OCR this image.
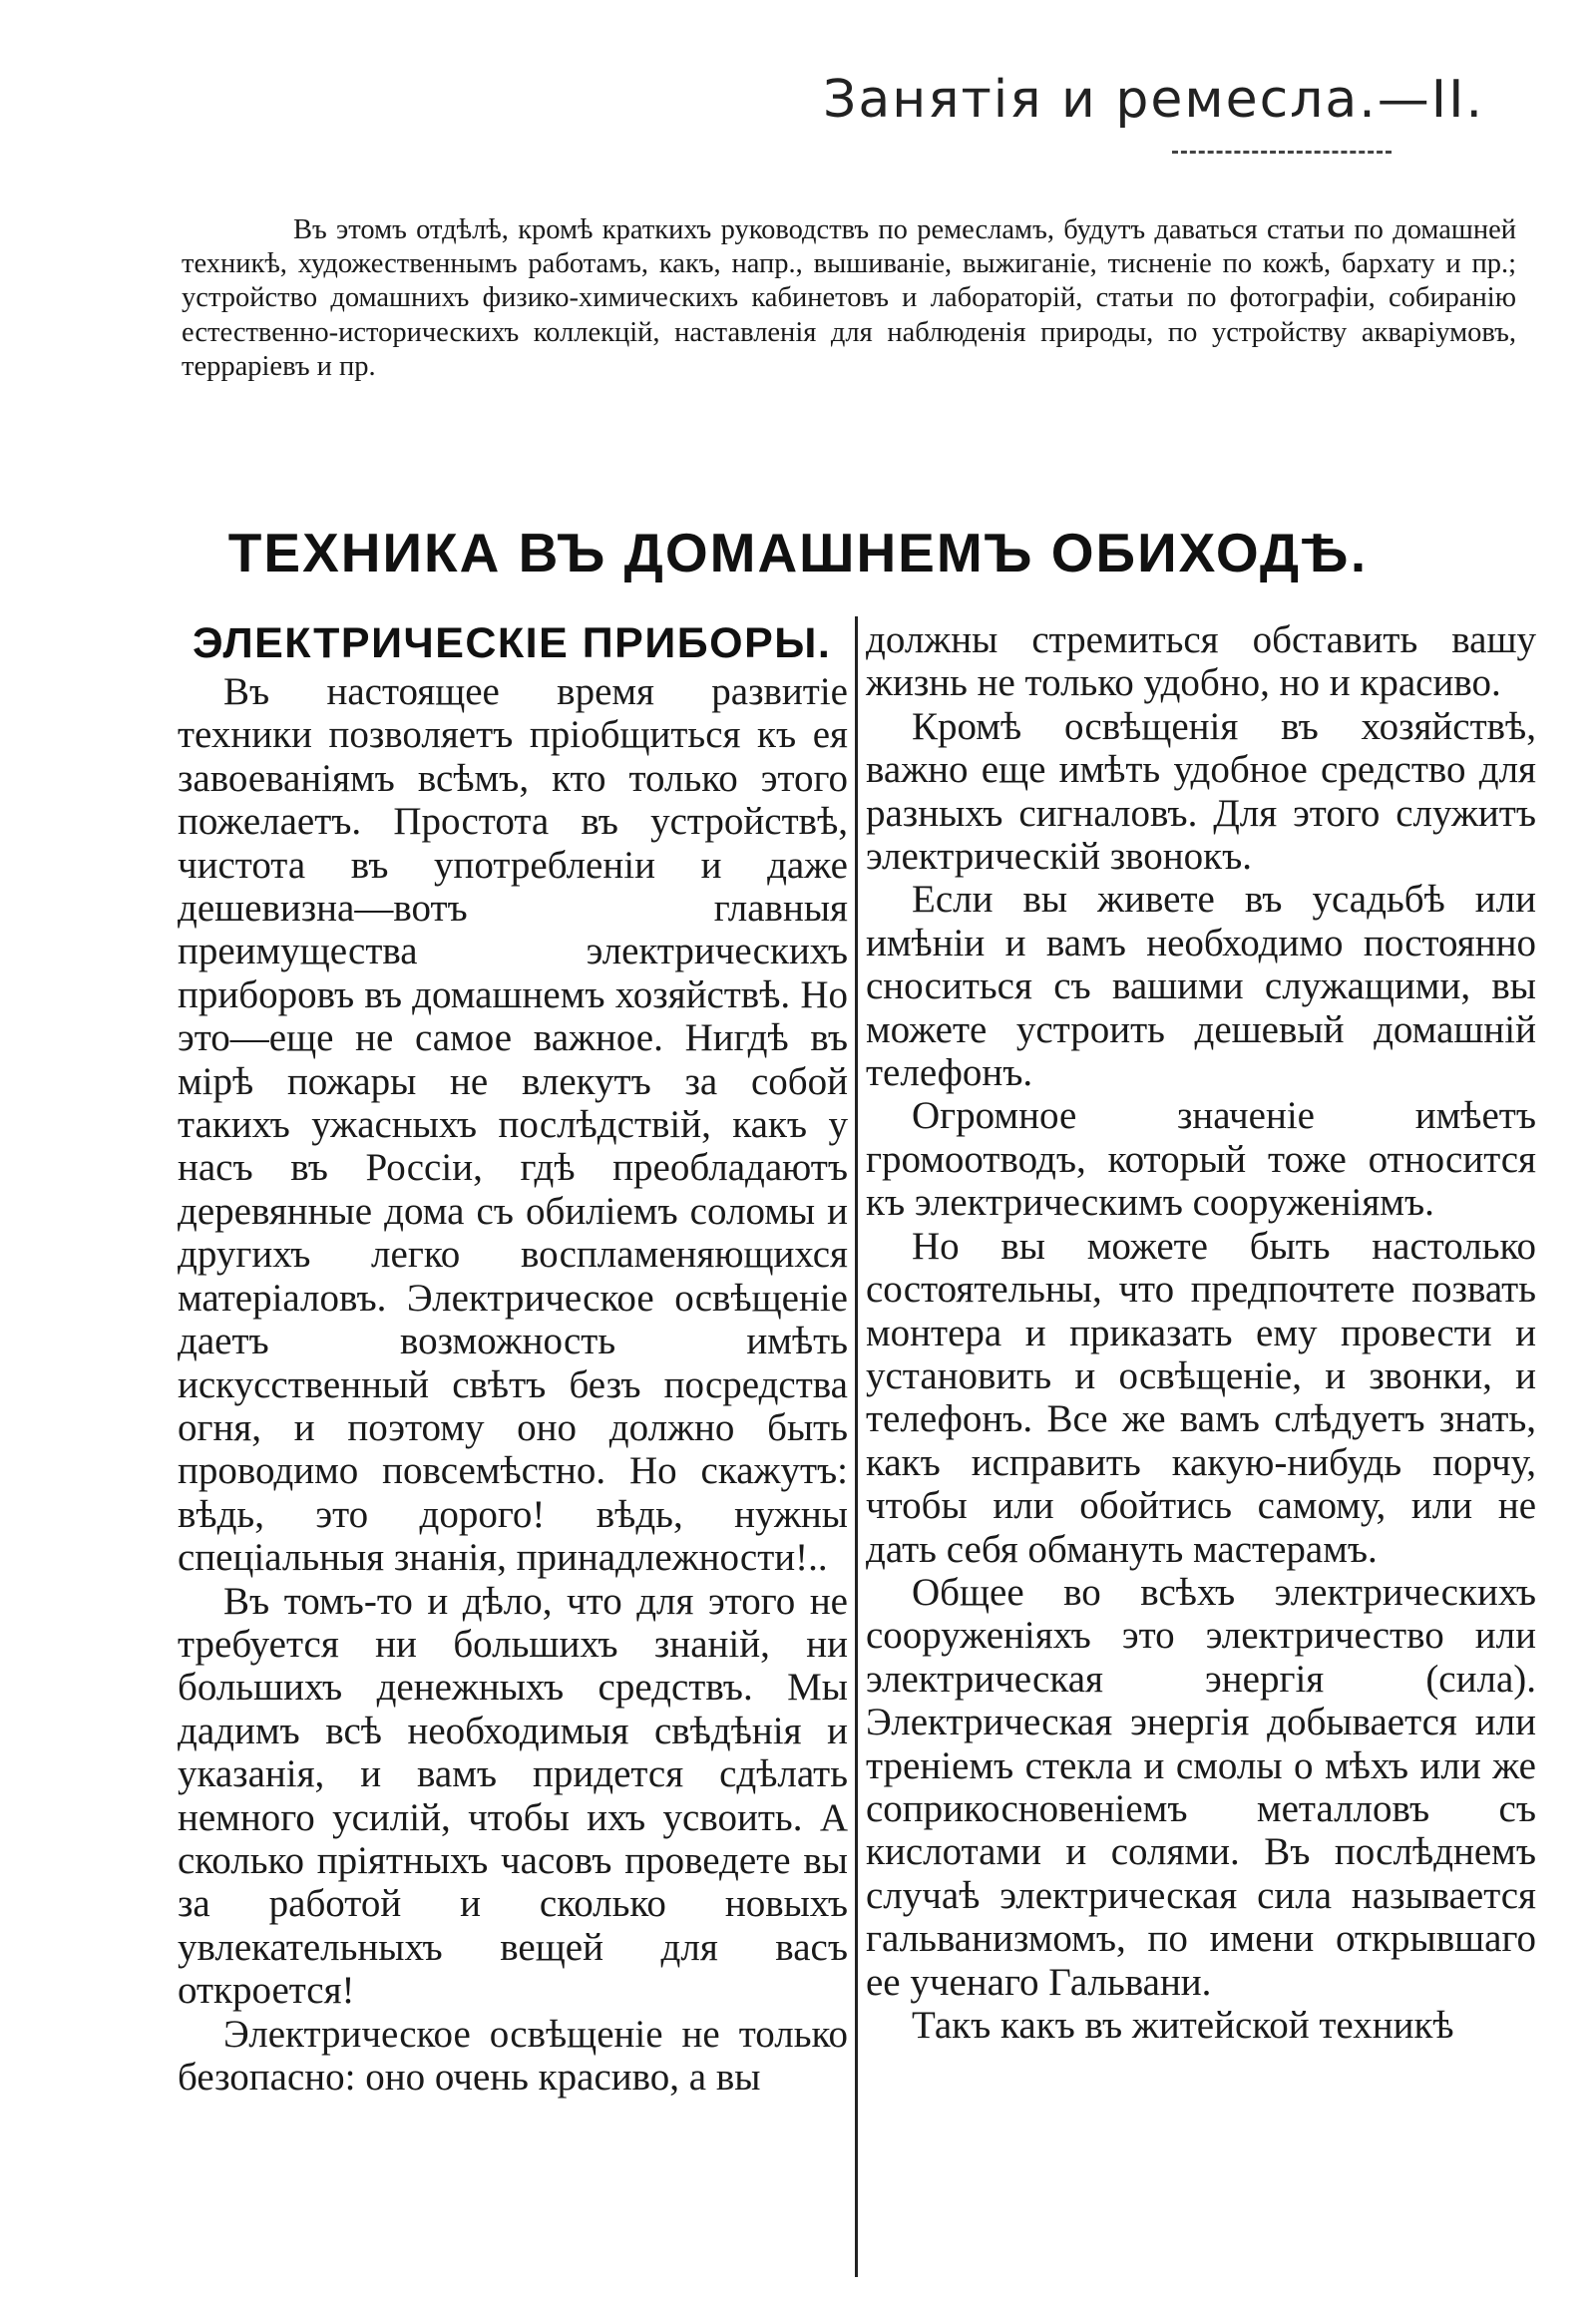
Занятія и ремесла.—II.

Въ этомъ отдѣлѣ, кромѣ краткихъ руководствъ по ремесламъ, будутъ даваться статьи по домашней техникѣ, художественнымъ работамъ, какъ, напр., вышиваніе, выжиганіе, тисненіе по кожѣ, бархату и пр.; устройство домашнихъ физико-химическихъ кабинетовъ и лабораторій, статьи по фотографіи, собиранію естественно-историческихъ коллекцій, наставленія для наблюденія природы, по устройству акваріумовъ, террарiевъ и пр.

ТЕХНИКА ВЪ ДОМАШНЕМЪ ОБИХОДѢ.
ЭЛЕКТРИЧЕСКІЕ ПРИБОРЫ.

Въ настоящее время развитіе техники позволяетъ пріобщиться къ ея завоеваніямъ всѣмъ, кто только этого пожелаетъ. Простота въ устройствѣ, чистота въ употребленіи и даже дешевизна—вотъ главныя преимущества электрическихъ приборовъ въ домашнемъ хозяйствѣ. Но это—еще не самое важное. Нигдѣ въ мірѣ пожары не влекутъ за собой такихъ ужасныхъ послѣдствій, какъ у насъ въ Россіи, гдѣ преобладаютъ деревянные дома съ обиліемъ соломы и другихъ легко воспламеняющихся матеріаловъ. Электрическое освѣщеніе даетъ возможность имѣть искусственный свѣтъ безъ посредства огня, и поэтому оно должно быть проводимо повсемѣстно. Но скажутъ: вѣдь, это дорого! вѣдь, нужны спеціальныя знанія, принадлежности!..

Въ томъ-то и дѣло, что для этого не требуется ни большихъ знаній, ни большихъ денежныхъ средствъ. Мы дадимъ всѣ необходимыя свѣдѣнія и указанія, и вамъ придется сдѣлать немного усилій, чтобы ихъ усвоить. А сколько пріятныхъ часовъ проведете вы за работой и сколько новыхъ увлекательныхъ вещей для васъ откроется!

Электрическое освѣщеніе не только безопасно: оно очень красиво, а вы

должны стремиться обставить вашу жизнь не только удобно, но и красиво.

Кромѣ освѣщенія въ хозяйствѣ, важно еще имѣть удобное средство для разныхъ сигналовъ. Для этого служитъ электрическій звонокъ.

Если вы живете въ усадьбѣ или имѣніи и вамъ необходимо постоянно сноситься съ вашими служащими, вы можете устроить дешевый домашній телефонъ.

Огромное значеніе имѣетъ громоотводъ, который тоже относится къ электрическимъ сооруженіямъ.

Но вы можете быть настолько состоятельны, что предпочтете позвать монтера и приказать ему провести и установить и освѣщеніе, и звонки, и телефонъ. Все же вамъ слѣдуетъ знать, какъ исправить какую-нибудь порчу, чтобы или обойтись самому, или не дать себя обмануть мастерамъ.

Общее во всѣхъ электрическихъ сооруженіяхъ это электричество или электрическая энергія (сила). Электрическая энергія добывается или треніемъ стекла и смолы о мѣхъ или же соприкосновеніемъ металловъ съ кислотами и солями. Въ послѣднемъ случаѣ электрическая сила называется гальванизмомъ, по имени открывшаго ее ученаго Гальвани.

Такъ какъ въ житейской техникѣ
